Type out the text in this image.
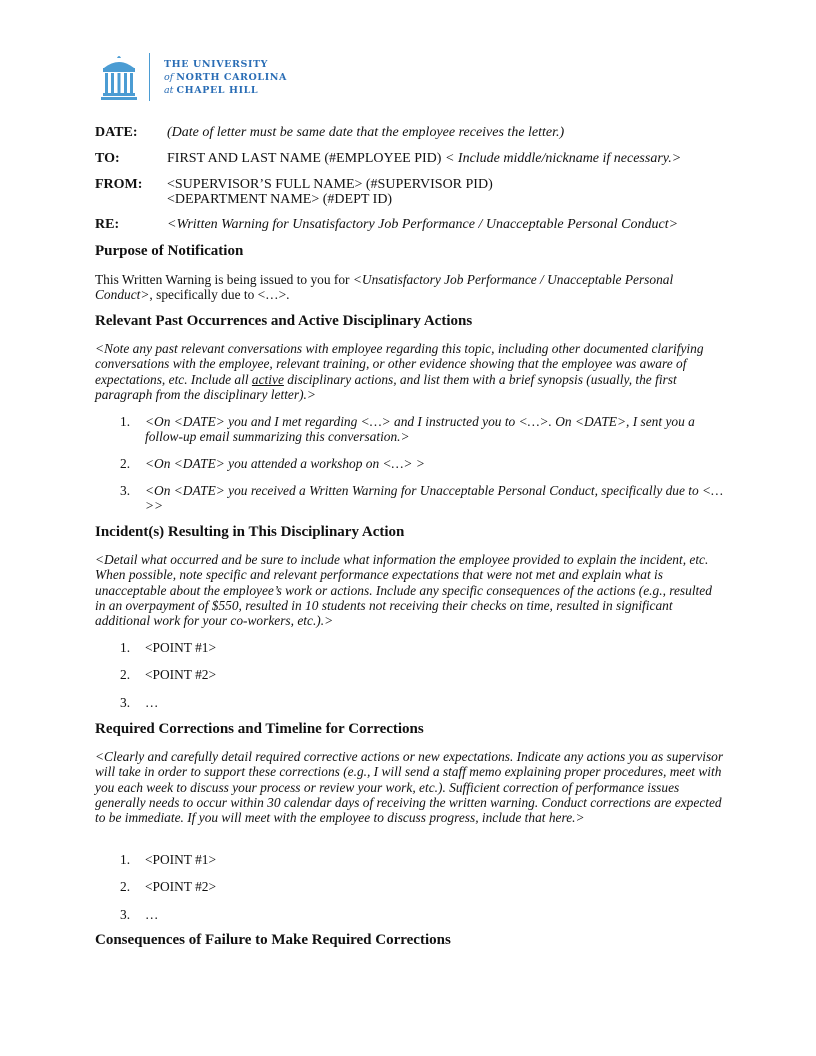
THE UNIVERSITY
of NORTH CAROLINA
at CHAPEL HILL
DATE:	(Date of letter must be same date that the employee receives the letter.)
TO:	FIRST AND LAST NAME (#EMPLOYEE PID) < Include middle/nickname if necessary.>
FROM:	<SUPERVISOR’S FULL NAME> (#SUPERVISOR PID)
<DEPARTMENT NAME> (#DEPT ID)
RE:	<Written Warning for Unsatisfactory Job Performance / Unacceptable Personal Conduct>
Purpose of Notification
This Written Warning is being issued to you for <Unsatisfactory Job Performance / Unacceptable Personal Conduct>, specifically due to <…>.
Relevant Past Occurrences and Active Disciplinary Actions
<Note any past relevant conversations with employee regarding this topic, including other documented clarifying conversations with the employee, relevant training, or other evidence showing that the employee was aware of expectations, etc. Include all active disciplinary actions, and list them with a brief synopsis (usually, the first paragraph from the disciplinary letter).>
1.	<On <DATE> you and I met regarding <…> and I instructed you to <…>. On <DATE>, I sent you a follow-up email summarizing this conversation.>
2.	<On <DATE> you attended a workshop on <…> >
3.	<On <DATE> you received a Written Warning for Unacceptable Personal Conduct, specifically due to <…>>
Incident(s) Resulting in This Disciplinary Action
<Detail what occurred and be sure to include what information the employee provided to explain the incident, etc. When possible, note specific and relevant performance expectations that were not met and explain what is unacceptable about the employee’s work or actions. Include any specific consequences of the actions (e.g., resulted in an overpayment of $550, resulted in 10 students not receiving their checks on time, resulted in significant additional work for your co-workers, etc.).>
1.	<POINT #1>
2.	<POINT #2>
3.	…
Required Corrections and Timeline for Corrections
<Clearly and carefully detail required corrective actions or new expectations. Indicate any actions you as supervisor will take in order to support these corrections (e.g., I will send a staff memo explaining proper procedures, meet with you each week to discuss your process or review your work, etc.). Sufficient correction of performance issues generally needs to occur within 30 calendar days of receiving the written warning. Conduct corrections are expected to be immediate. If you will meet with the employee to discuss progress, include that here.>
1.	<POINT #1>
2.	<POINT #2>
3.	…
Consequences of Failure to Make Required Corrections
